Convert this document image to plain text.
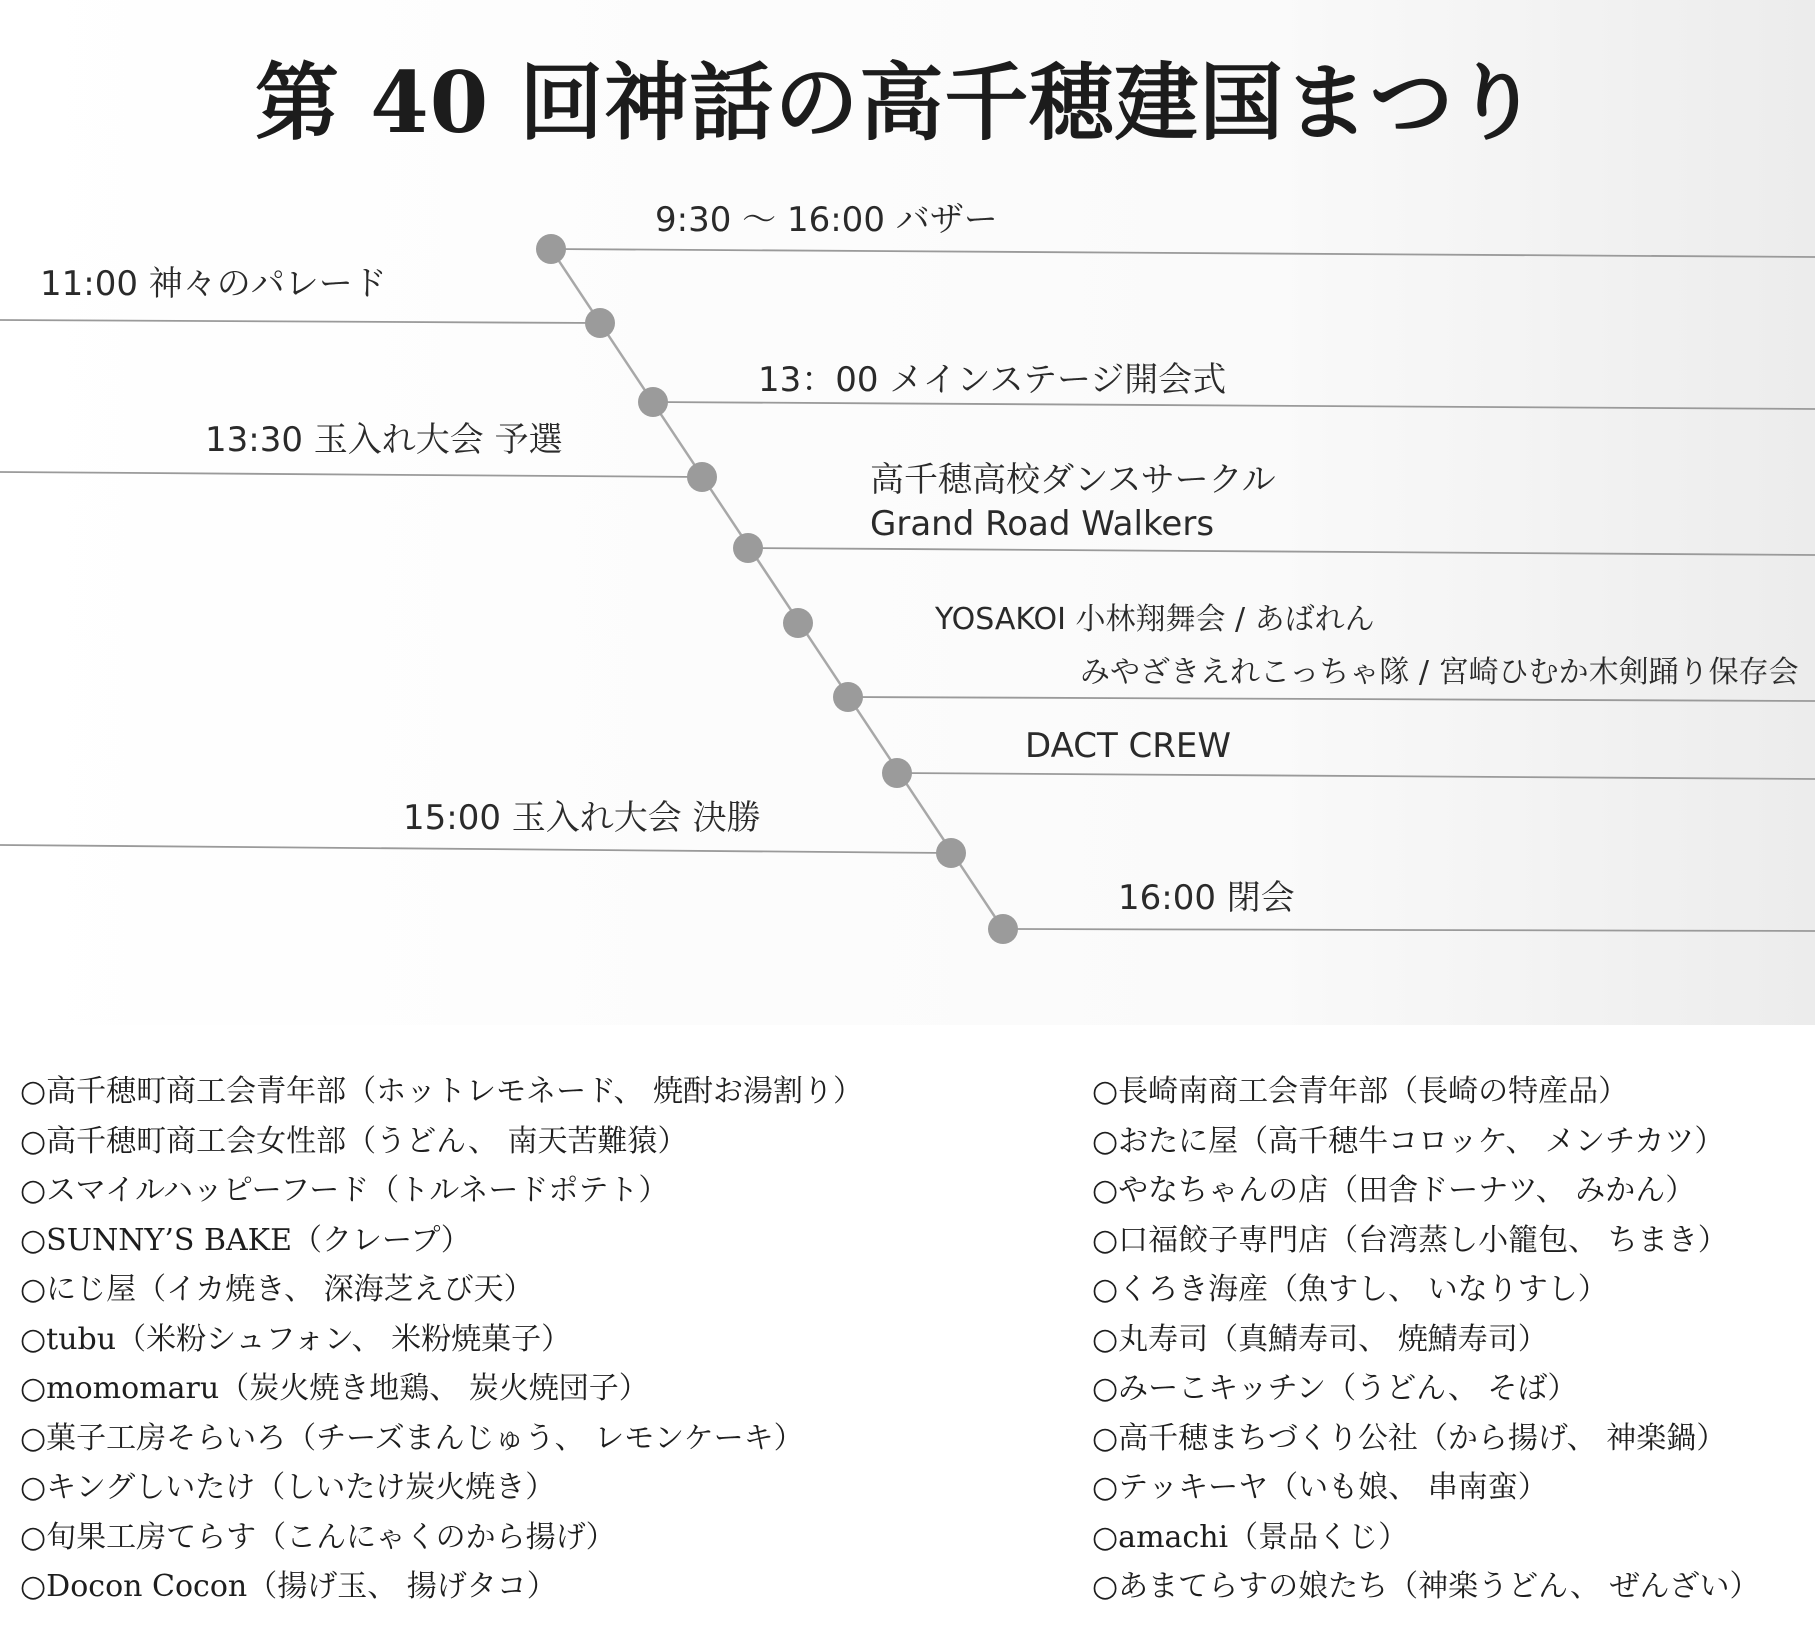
第 40 回神話の高千穂建国まつり
9:30 ～ 16:00 バザー
11:00 神々のパレード
13：00 メインステージ開会式
13:30 玉入れ大会 予選
高千穂高校ダンスサークル
Grand Road Walkers
YOSAKOI 小林翔舞会 / あばれん
みやざきえれこっちゃ隊 / 宮崎ひむか木剣踊り保存会
DACT CREW
15:00 玉入れ大会 決勝
16:00 閉会
○高千穂町商工会青年部（ホットレモネード、 焼酎お湯割り）
○高千穂町商工会女性部（うどん、 南天苦難猿）
○スマイルハッピーフード（トルネードポテト）
○SUNNY’S BAKE（クレープ）
○にじ屋（イカ焼き、 深海芝えび天）
○tubu（米粉シュフォン、 米粉焼菓子）
○momomaru（炭火焼き地鶏、 炭火焼団子）
○菓子工房そらいろ（チーズまんじゅう、 レモンケーキ）
○キングしいたけ（しいたけ炭火焼き）
○旬果工房てらす（こんにゃくのから揚げ）
○Docon Cocon（揚げ玉、 揚げタコ）
○長崎南商工会青年部（長崎の特産品）
○おたに屋（高千穂牛コロッケ、 メンチカツ）
○やなちゃんの店（田舎ドーナツ、 みかん）
○口福餃子専門店（台湾蒸し小籠包、 ちまき）
○くろき海産（魚すし、 いなりすし）
○丸寿司（真鯖寿司、 焼鯖寿司）
○みーこキッチン（うどん、 そば）
○高千穂まちづくり公社（から揚げ、 神楽鍋）
○テッキーヤ（いも娘、 串南蛮）
○amachi（景品くじ）
○あまてらすの娘たち（神楽うどん、 ぜんざい）
